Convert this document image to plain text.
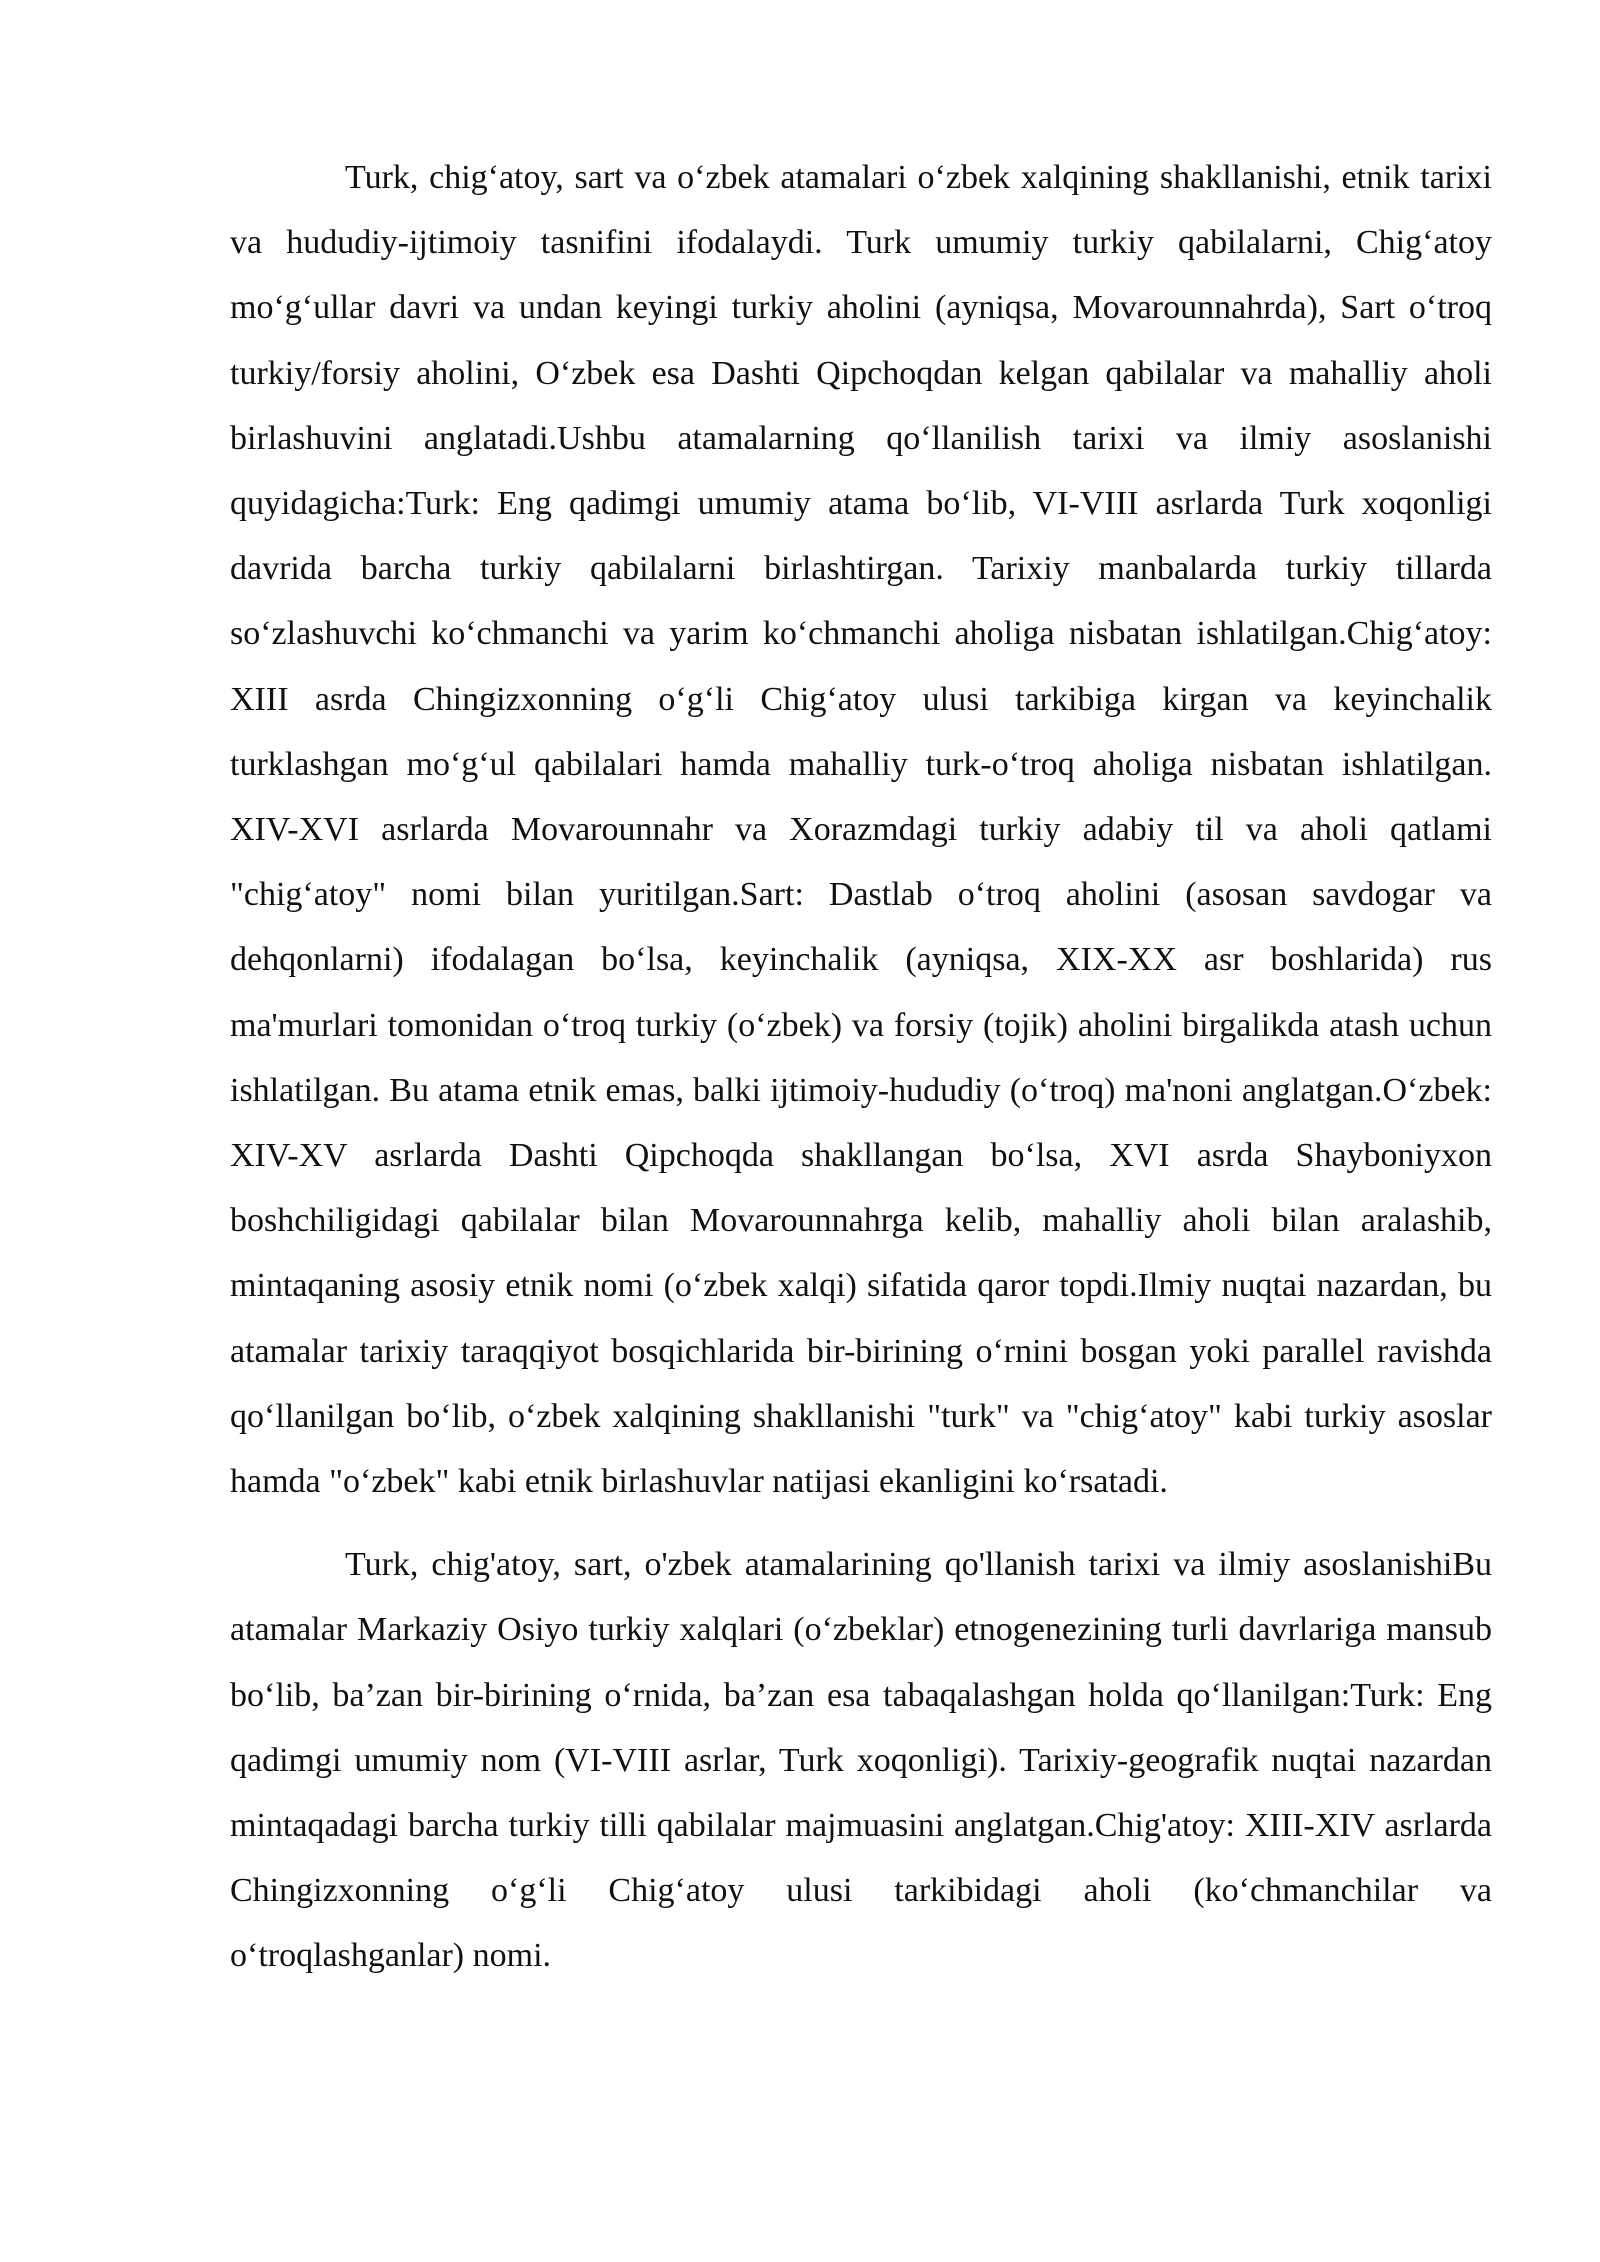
Turk, chig‘atoy, sart va o‘zbek atamalari o‘zbek xalqining shakllanishi, etnik tarixi va hududiy-ijtimoiy tasnifini ifodalaydi. Turk umumiy turkiy qabilalarni, Chig‘atoy mo‘g‘ullar davri va undan keyingi turkiy aholini (ayniqsa, Movarounnahrda), Sart o‘troq turkiy/forsiy aholini, O‘zbek esa Dashti Qipchoqdan kelgan qabilalar va mahalliy aholi birlashuvini anglatadi.Ushbu atamalarning qo‘llanilish tarixi va ilmiy asoslanishi quyidagicha:Turk: Eng qadimgi umumiy atama bo‘lib, VI-VIII asrlarda Turk xoqonligi davrida barcha turkiy qabilalarni birlashtirgan. Tarixiy manbalarda turkiy tillarda so‘zlashuvchi ko‘chmanchi va yarim ko‘chmanchi aholiga nisbatan ishlatilgan.Chig‘atoy: XIII asrda Chingizxonning o‘g‘li Chig‘atoy ulusi tarkibiga kirgan va keyinchalik turklashgan mo‘g‘ul qabilalari hamda mahalliy turk-o‘troq aholiga nisbatan ishlatilgan. XIV-XVI asrlarda Movarounnahr va Xorazmdagi turkiy adabiy til va aholi qatlami "chig‘atoy" nomi bilan yuritilgan.Sart: Dastlab o‘troq aholini (asosan savdogar va dehqonlarni) ifodalagan bo‘lsa, keyinchalik (ayniqsa, XIX-XX asr boshlarida) rus ma'murlari tomonidan o‘troq turkiy (o‘zbek) va forsiy (tojik) aholini birgalikda atash uchun ishlatilgan. Bu atama etnik emas, balki ijtimoiy-hududiy (o‘troq) ma'noni anglatgan.O‘zbek: XIV-XV asrlarda Dashti Qipchoqda shakllangan bo‘lsa, XVI asrda Shayboniyxon boshchiligidagi qabilalar bilan Movarounnahrga kelib, mahalliy aholi bilan aralashib, mintaqaning asosiy etnik nomi (o‘zbek xalqi) sifatida qaror topdi.Ilmiy nuqtai nazardan, bu atamalar tarixiy taraqqiyot bosqichlarida bir-birining o‘rnini bosgan yoki parallel ravishda qo‘llanilgan bo‘lib, o‘zbek xalqining shakllanishi "turk" va "chig‘atoy" kabi turkiy asoslar hamda "o‘zbek" kabi etnik birlashuvlar natijasi ekanligini ko‘rsatadi.

Turk, chig'atoy, sart, o'zbek atamalarining qo'llanish tarixi va ilmiy asoslanishiBu atamalar Markaziy Osiyo turkiy xalqlari (o‘zbeklar) etnogenezining turli davrlariga mansub bo‘lib, ba’zan bir-birining o‘rnida, ba’zan esa tabaqalashgan holda qo‘llanilgan:Turk: Eng qadimgi umumiy nom (VI-VIII asrlar, Turk xoqonligi). Tarixiy-geografik nuqtai nazardan mintaqadagi barcha turkiy tilli qabilalar majmuasini anglatgan.Chig'atoy: XIII-XIV asrlarda Chingizxonning o‘g‘li Chig‘atoy ulusi tarkibidagi aholi (ko‘chmanchilar va o‘troqlashganlar) nomi.
